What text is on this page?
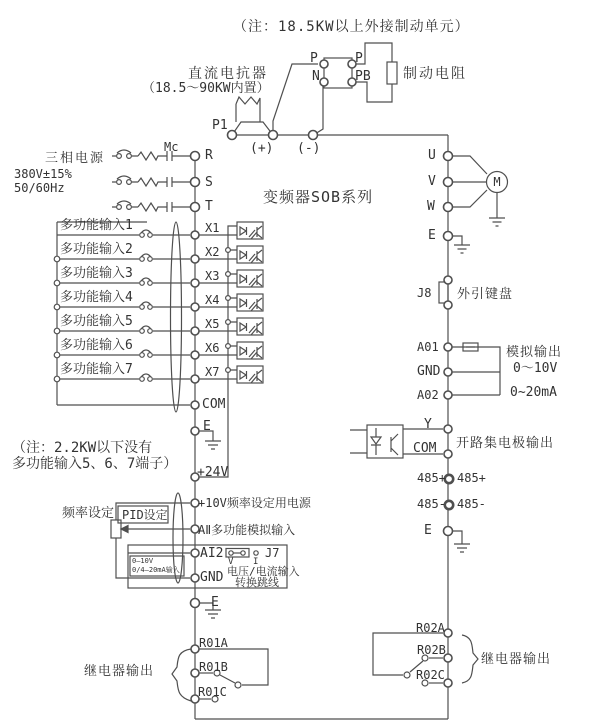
（注：18.5KW以上外接制动单元）
直流电抗器
（18.5～90KW内置）
制动电阻
P1
(+) (-)
P
N
P
PB
三相电源
380V±15%
50/60Hz
Mc
R
S
T
变频器SOB系列
多功能输入1
多功能输入2
多功能输入3
多功能输入4
多功能输入5
多功能输入6
多功能输入7
X1
X2
X3
X4
X5
X6
X7
COM
E
（注：2.2KW以下没有
多功能输入5、6、7端子）
+24V
+10V频率设定用电源
频率设定 PID设定
AⅡ多功能模拟输入
AI2
GND
0—10V
0/4—20mA输入
J7
V I
电压/电流输入
转换跳线
E
R01A
R01B
R01C
继电器输出
U
V
W
M
E
J8 外引键盘
A01
GND
A02
模拟输出
0～10V
0~20mA
Y
COM 开路集电极输出
485+ 485+
485- 485-
E
R02A
R02B
R02C
继电器输出
